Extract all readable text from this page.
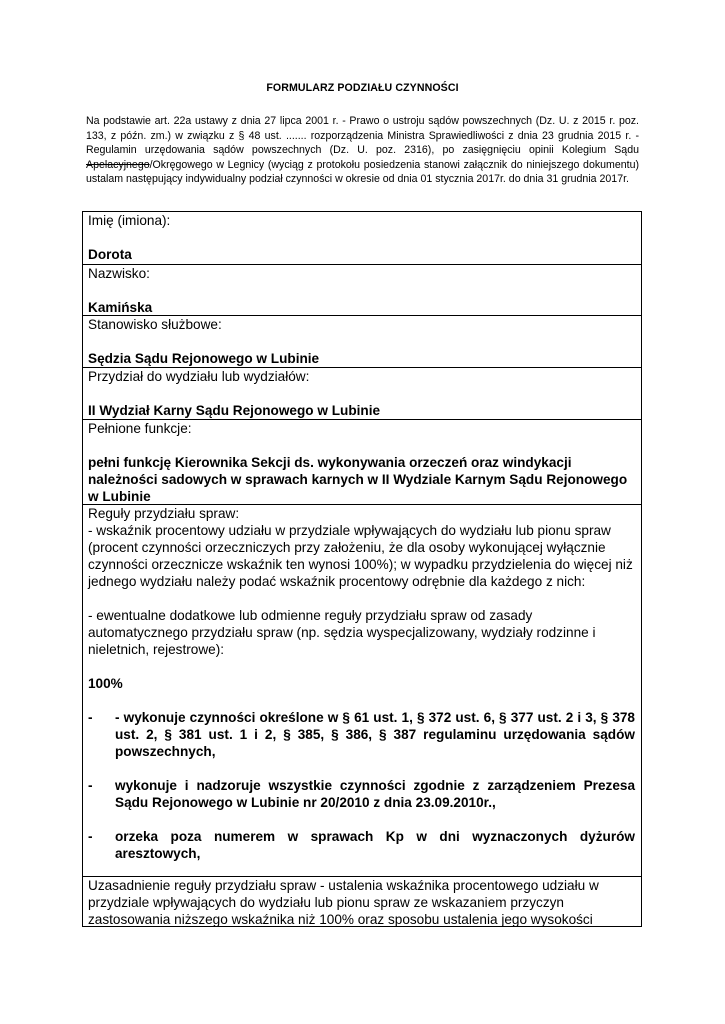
FORMULARZ PODZIAŁU CZYNNOŚCI
Na podstawie art. 22a ustawy z dnia 27 lipca 2001 r. - Prawo o ustroju sądów powszechnych (Dz. U. z 2015 r. poz. 133, z późn. zm.) w związku z § 48 ust. ....... rozporządzenia Ministra Sprawiedliwości z dnia 23 grudnia 2015 r. - Regulamin urzędowania sądów powszechnych (Dz. U. poz. 2316), po zasięgnięciu opinii Kolegium Sądu Apelacyjnego/Okręgowego w Legnicy (wyciąg z protokołu posiedzenia stanowi załącznik do niniejszego dokumentu) ustalam następujący indywidualny podział czynności w okresie od dnia 01 stycznia 2017r. do dnia 31 grudnia 2017r.
Imię (imiona):
Dorota
Nazwisko:
Kamińska
Stanowisko służbowe:
Sędzia Sądu Rejonowego w Lubinie
Przydział do wydziału lub wydziałów:
II Wydział Karny Sądu Rejonowego w Lubinie
Pełnione funkcje:
pełni funkcję Kierownika Sekcji ds. wykonywania orzeczeń oraz windykacji należności sadowych w sprawach karnych w II Wydziale Karnym Sądu Rejonowego w Lubinie
Reguły przydziału spraw:
- wskaźnik procentowy udziału w przydziale wpływających do wydziału lub pionu spraw (procent czynności orzeczniczych przy założeniu, że dla osoby wykonującej wyłącznie czynności orzecznicze wskaźnik ten wynosi 100%); w wypadku przydzielenia do więcej niż jednego wydziału należy podać wskaźnik procentowy odrębnie dla każdego z nich:
- ewentualne dodatkowe lub odmienne reguły przydziału spraw od zasady automatycznego przydziału spraw (np. sędzia wyspecjalizowany, wydziały rodzinne i nieletnich, rejestrowe):
100%
-	- wykonuje czynności określone w § 61 ust. 1, § 372 ust. 6, § 377 ust. 2 i 3, § 378 ust. 2, § 381 ust. 1 i 2, § 385, § 386, § 387 regulaminu urzędowania sądów powszechnych,
-	wykonuje i nadzoruje wszystkie czynności zgodnie z zarządzeniem Prezesa Sądu Rejonowego w Lubinie nr 20/2010 z dnia 23.09.2010r.,
-	orzeka poza numerem w sprawach Kp w dni wyznaczonych dyżurów aresztowych,
Uzasadnienie reguły przydziału spraw - ustalenia wskaźnika procentowego udziału w przydziale wpływających do wydziału lub pionu spraw ze wskazaniem przyczyn zastosowania niższego wskaźnika niż 100% oraz sposobu ustalenia jego wysokości
